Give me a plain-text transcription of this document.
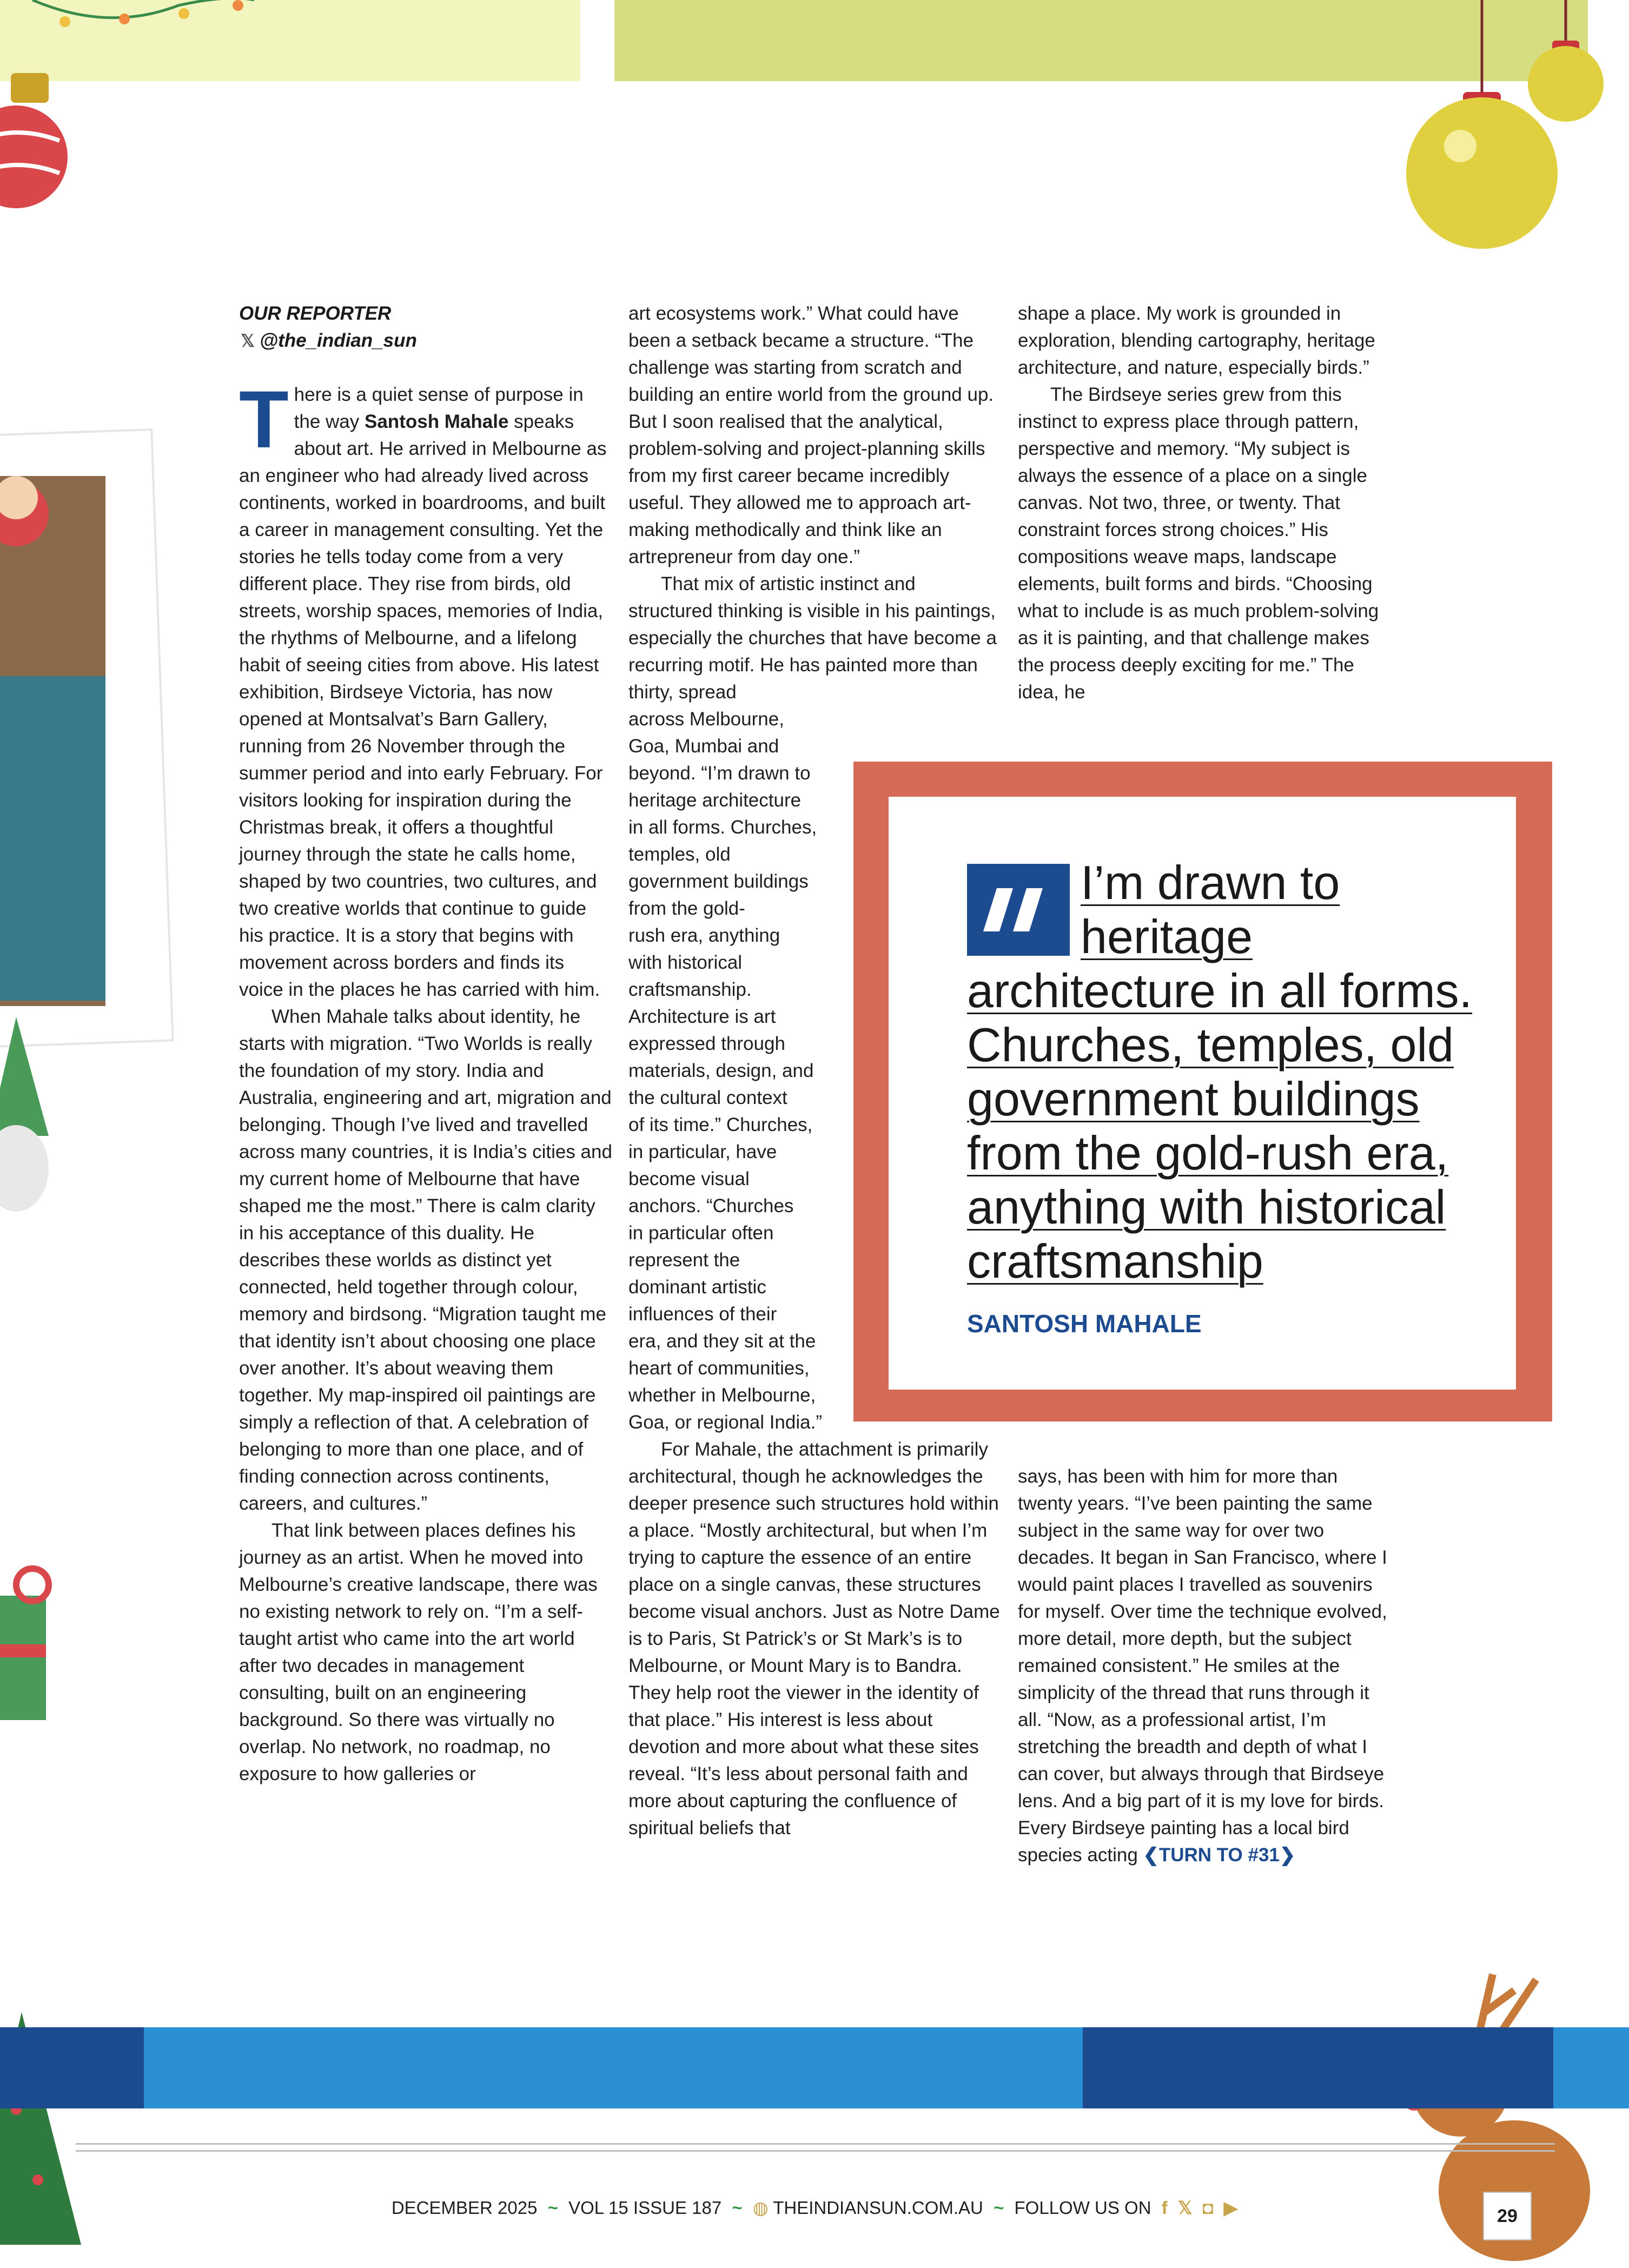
OUR REPORTER
𝕏 @the_indian_sun

There is a quiet sense of purpose in the way Santosh Mahale speaks about art. He arrived in Melbourne as an engineer who had already lived across continents, worked in boardrooms, and built a career in management consulting. Yet the stories he tells today come from a very different place. They rise from birds, old streets, worship spaces, memories of India, the rhythms of Melbourne, and a lifelong habit of seeing cities from above. His latest exhibition, Birdseye Victoria, has now opened at Montsalvat’s Barn Gallery, running from 26 November through the summer period and into early February. For visitors looking for inspiration during the Christmas break, it offers a thoughtful journey through the state he calls home, shaped by two countries, two cultures, and two creative worlds that continue to guide his practice. It is a story that begins with movement across borders and finds its voice in the places he has carried with him.

When Mahale talks about identity, he starts with migration. “Two Worlds is really the foundation of my story. India and Australia, engineering and art, migration and belonging. Though I’ve lived and travelled across many countries, it is India’s cities and my current home of Melbourne that have shaped me the most.” There is calm clarity in his acceptance of this duality. He describes these worlds as distinct yet connected, held together through colour, memory and birdsong. “Migration taught me that identity isn’t about choosing one place over another. It’s about weaving them together. My map-inspired oil paintings are simply a reflection of that. A celebration of belonging to more than one place, and of finding connection across continents, careers, and cultures.”

That link between places defines his journey as an artist. When he moved into Melbourne’s creative landscape, there was no existing network to rely on. “I’m a self-taught artist who came into the art world after two decades in management consulting, built on an engineering background. So there was virtually no overlap. No network, no roadmap, no exposure to how galleries or

art ecosystems work.” What could have been a setback became a structure. “The challenge was starting from scratch and building an entire world from the ground up. But I soon realised that the analytical, problem-solving and project-planning skills from my first career became incredibly useful. They allowed me to approach art-making methodically and think like an artrepreneur from day one.”

That mix of artistic instinct and structured thinking is visible in his paintings, especially the churches that have become a recurring motif. He has painted more than thirty, spread

across Melbourne,
Goa, Mumbai and
beyond. “I’m drawn to
heritage architecture
in all forms. Churches,
temples, old
government buildings
from the gold-
rush era, anything
with historical
craftsmanship.
Architecture is art
expressed through
materials, design, and
the cultural context
of its time.” Churches,
in particular, have
become visual
anchors. “Churches
in particular often
represent the
dominant artistic
influences of their
era, and they sit at the
heart of communities,
whether in Melbourne,
Goa, or regional India.”

For Mahale, the attachment is primarily architectural, though he acknowledges the deeper presence such structures hold within a place. “Mostly architectural, but when I’m trying to capture the essence of an entire place on a single canvas, these structures become visual anchors. Just as Notre Dame is to Paris, St Patrick’s or St Mark’s is to Melbourne, or Mount Mary is to Bandra. They help root the viewer in the identity of that place.” His interest is less about devotion and more about what these sites reveal. “It’s less about personal faith and more about capturing the confluence of spiritual beliefs that

shape a place. My work is grounded in exploration, blending cartography, heritage architecture, and nature, especially birds.”

The Birdseye series grew from this instinct to express place through pattern, perspective and memory. “My subject is always the essence of a place on a single canvas. Not two, three, or twenty. That constraint forces strong choices.” His compositions weave maps, landscape elements, built forms and birds. “Choosing what to include is as much problem-solving as it is painting, and that challenge makes the process deeply exciting for me.” The idea, he

says, has been with him for more than twenty years. “I’ve been painting the same subject in the same way for over two decades. It began in San Francisco, where I would paint places I travelled as souvenirs for myself. Over time the technique evolved, more detail, more depth, but the subject remained consistent.” He smiles at the simplicity of the thread that runs through it all. “Now, as a professional artist, I’m stretching the breadth and depth of what I can cover, but always through that Birdseye lens. And a big part of it is my love for birds. Every Birdseye painting has a local bird species acting ❮TURN TO #31❯

I’m drawn to heritage architecture in all forms. Churches, temples, old government buildings from the gold-rush era, anything with historical craftsmanship
SANTOSH MAHALE
DECEMBER 2025 ~ VOL 15 ISSUE 187 ~ ◍ THEINDIANSUN.COM.AU ~ FOLLOW US ON f 𝕏 ◘ ▶	29
